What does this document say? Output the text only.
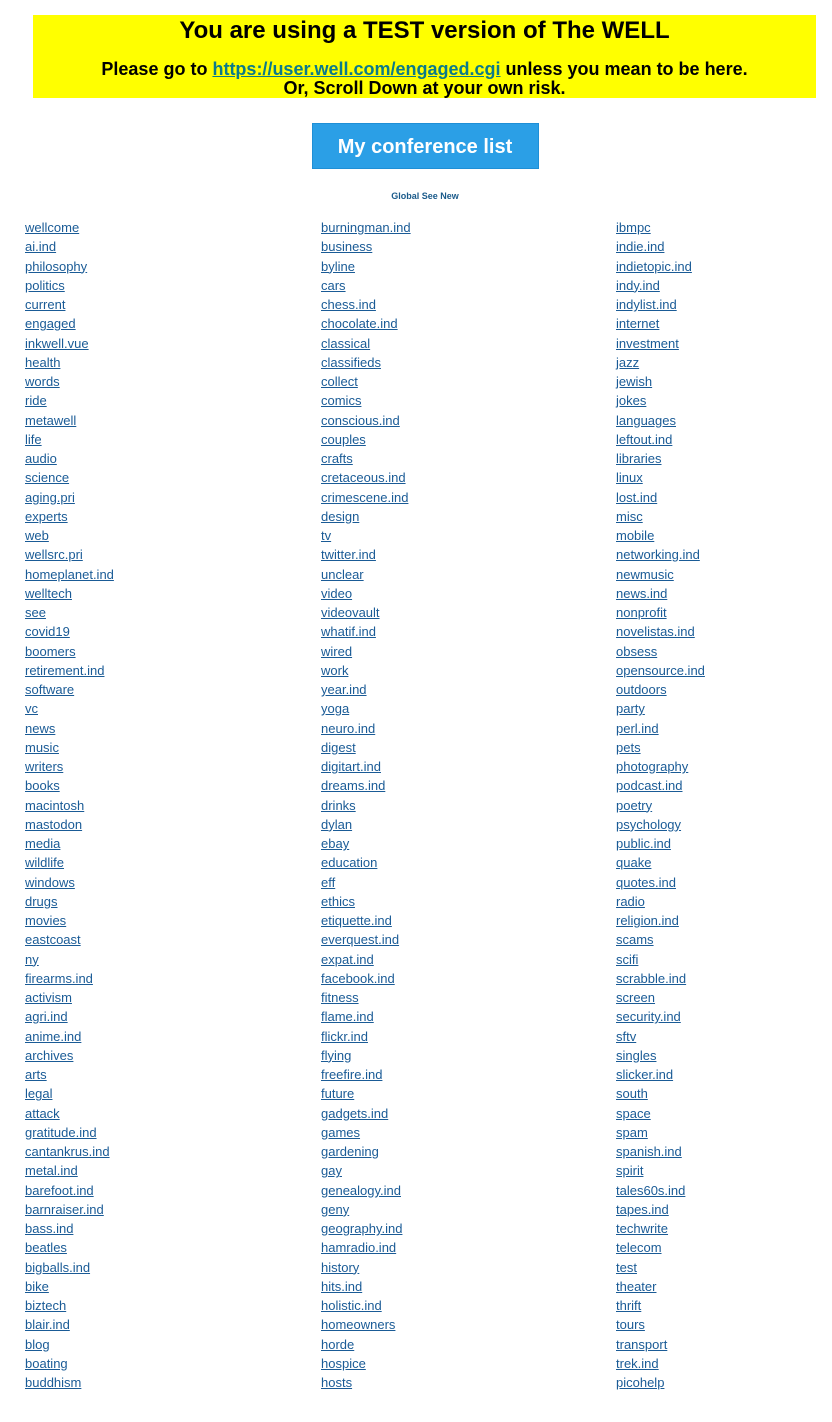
You are using a TEST version of The WELL
Please go to https://user.well.com/engaged.cgi unless you mean to be here.
Or, Scroll Down at your own risk.
My conference list
Global See New
wellcome
ai.ind
philosophy
politics
current
engaged
inkwell.vue
health
words
ride
metawell
life
audio
science
aging.pri
experts
web
wellsrc.pri
homeplanet.ind
welltech
see
covid19
boomers
retirement.ind
software
vc
news
music
writers
books
macintosh
mastodon
media
wildlife
windows
drugs
movies
eastcoast
ny
firearms.ind
activism
agri.ind
anime.ind
archives
arts
legal
attack
gratitude.ind
cantankrus.ind
metal.ind
barefoot.ind
barnraiser.ind
bass.ind
beatles
bigballs.ind
bike
biztech
blair.ind
blog
boating
buddhism
burningman.ind
business
byline
cars
chess.ind
chocolate.ind
classical
classifieds
collect
comics
conscious.ind
couples
crafts
cretaceous.ind
crimescene.ind
design
tv
twitter.ind
unclear
video
videovault
whatif.ind
wired
work
year.ind
yoga
neuro.ind
digest
digitart.ind
dreams.ind
drinks
dylan
ebay
education
eff
ethics
etiquette.ind
everquest.ind
expat.ind
facebook.ind
fitness
flame.ind
flickr.ind
flying
freefire.ind
future
gadgets.ind
games
gardening
gay
genealogy.ind
geny
geography.ind
hamradio.ind
history
hits.ind
holistic.ind
homeowners
horde
hospice
hosts
ibmpc
indie.ind
indietopic.ind
indy.ind
indylist.ind
internet
investment
jazz
jewish
jokes
languages
leftout.ind
libraries
linux
lost.ind
misc
mobile
networking.ind
newmusic
news.ind
nonprofit
novelistas.ind
obsess
opensource.ind
outdoors
party
perl.ind
pets
photography
podcast.ind
poetry
psychology
public.ind
quake
quotes.ind
radio
religion.ind
scams
scifi
scrabble.ind
screen
security.ind
sftv
singles
slicker.ind
south
space
spam
spanish.ind
spirit
tales60s.ind
tapes.ind
techwrite
telecom
test
theater
thrift
tours
transport
trek.ind
picohelp
